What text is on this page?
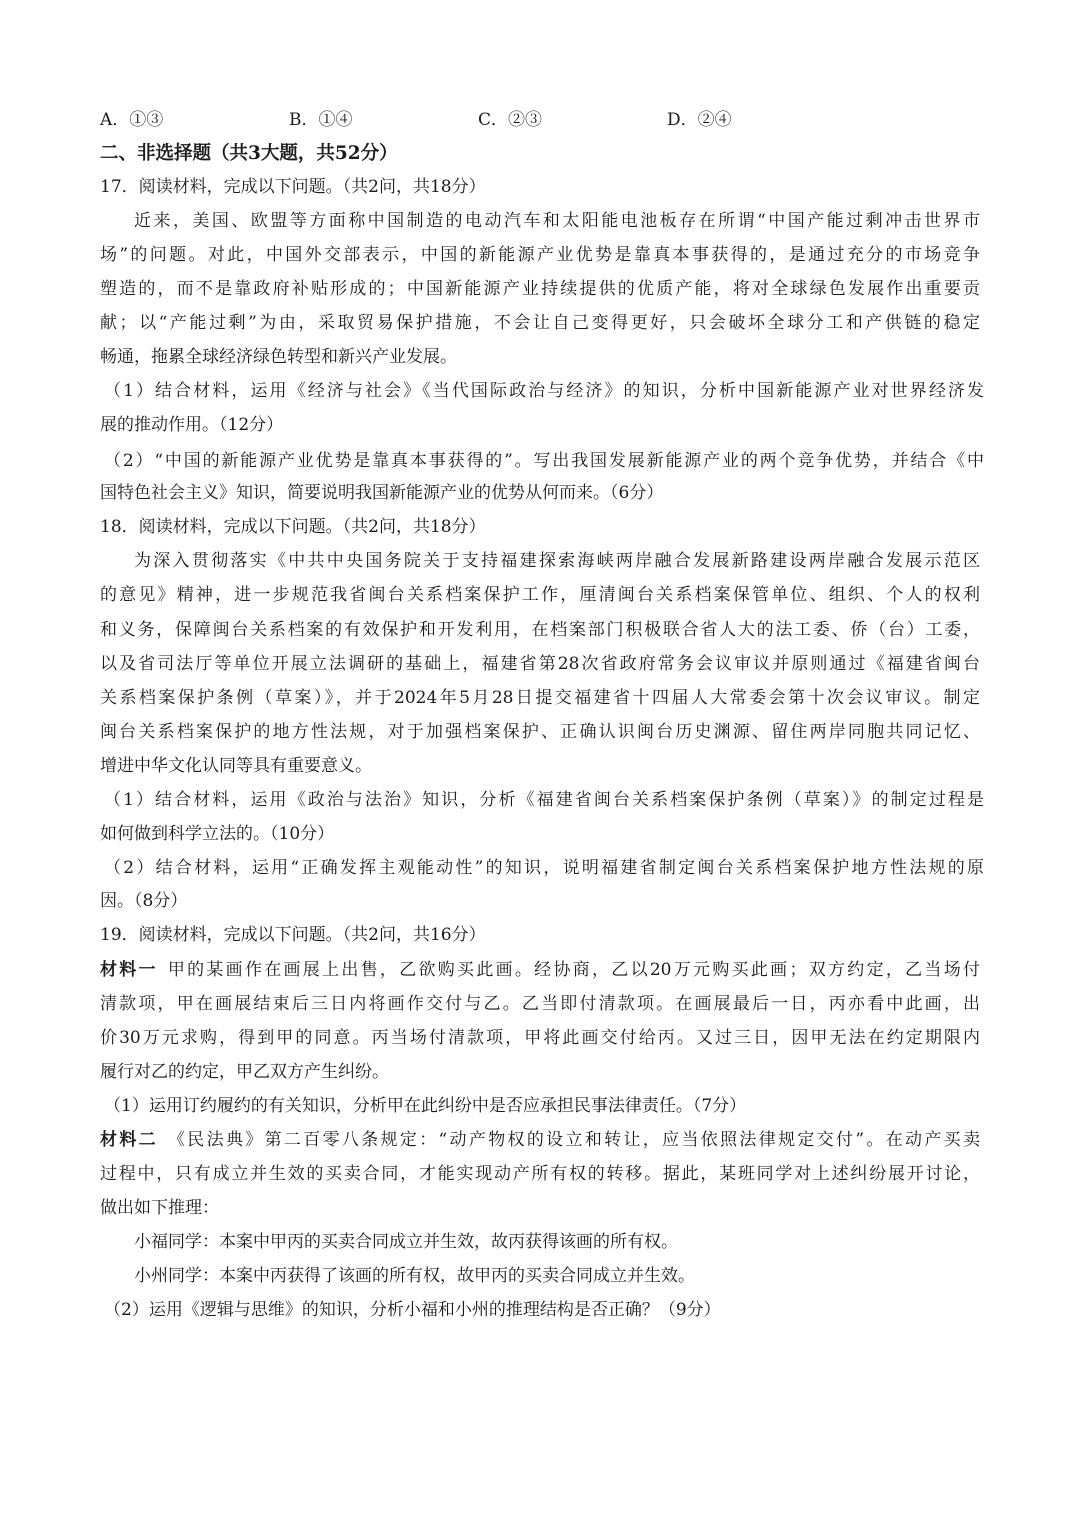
A．①③	B．①④	C．②③	D．②④
二、非选择题（共3大题，共52分）
17．阅读材料，完成以下问题。（共2问，共18分）
近来，美国、欧盟等方面称中国制造的电动汽车和太阳能电池板存在所谓“中国产能过剩冲击世界市
场”的问题。对此，中国外交部表示，中国的新能源产业优势是靠真本事获得的，是通过充分的市场竞争
塑造的，而不是靠政府补贴形成的；中国新能源产业持续提供的优质产能，将对全球绿色发展作出重要贡
献；以“产能过剩”为由，采取贸易保护措施，不会让自己变得更好，只会破坏全球分工和产供链的稳定
畅通，拖累全球经济绿色转型和新兴产业发展。
（1）结合材料，运用《经济与社会》《当代国际政治与经济》的知识，分析中国新能源产业对世界经济发
展的推动作用。（12分）
（2）“中国的新能源产业优势是靠真本事获得的”。写出我国发展新能源产业的两个竞争优势，并结合《中
国特色社会主义》知识，简要说明我国新能源产业的优势从何而来。（6分）
18．阅读材料，完成以下问题。（共2问，共18分）
为深入贯彻落实《中共中央国务院关于支持福建探索海峡两岸融合发展新路建设两岸融合发展示范区
的意见》精神，进一步规范我省闽台关系档案保护工作，厘清闽台关系档案保管单位、组织、个人的权利
和义务，保障闽台关系档案的有效保护和开发利用，在档案部门积极联合省人大的法工委、侨（台）工委，
以及省司法厅等单位开展立法调研的基础上，福建省第28次省政府常务会议审议并原则通过《福建省闽台
关系档案保护条例（草案）》，并于2024年5月28日提交福建省十四届人大常委会第十次会议审议。制定
闽台关系档案保护的地方性法规，对于加强档案保护、正确认识闽台历史渊源、留住两岸同胞共同记忆、
增进中华文化认同等具有重要意义。
（1）结合材料，运用《政治与法治》知识，分析《福建省闽台关系档案保护条例（草案）》的制定过程是
如何做到科学立法的。（10分）
（2）结合材料，运用“正确发挥主观能动性”的知识，说明福建省制定闽台关系档案保护地方性法规的原
因。（8分）
19．阅读材料，完成以下问题。（共2问，共16分）
材料一 甲的某画作在画展上出售，乙欲购买此画。经协商，乙以20万元购买此画；双方约定，乙当场付
清款项，甲在画展结束后三日内将画作交付与乙。乙当即付清款项。在画展最后一日，丙亦看中此画，出
价30万元求购，得到甲的同意。丙当场付清款项，甲将此画交付给丙。又过三日，因甲无法在约定期限内
履行对乙的约定，甲乙双方产生纠纷。
（1）运用订约履约的有关知识，分析甲在此纠纷中是否应承担民事法律责任。（7分）
材料二 《民法典》第二百零八条规定：“动产物权的设立和转让，应当依照法律规定交付”。在动产买卖
过程中，只有成立并生效的买卖合同，才能实现动产所有权的转移。据此，某班同学对上述纠纷展开讨论，
做出如下推理：
小福同学：本案中甲丙的买卖合同成立并生效，故丙获得该画的所有权。
小州同学：本案中丙获得了该画的所有权，故甲丙的买卖合同成立并生效。
（2）运用《逻辑与思维》的知识，分析小福和小州的推理结构是否正确？（9分）
